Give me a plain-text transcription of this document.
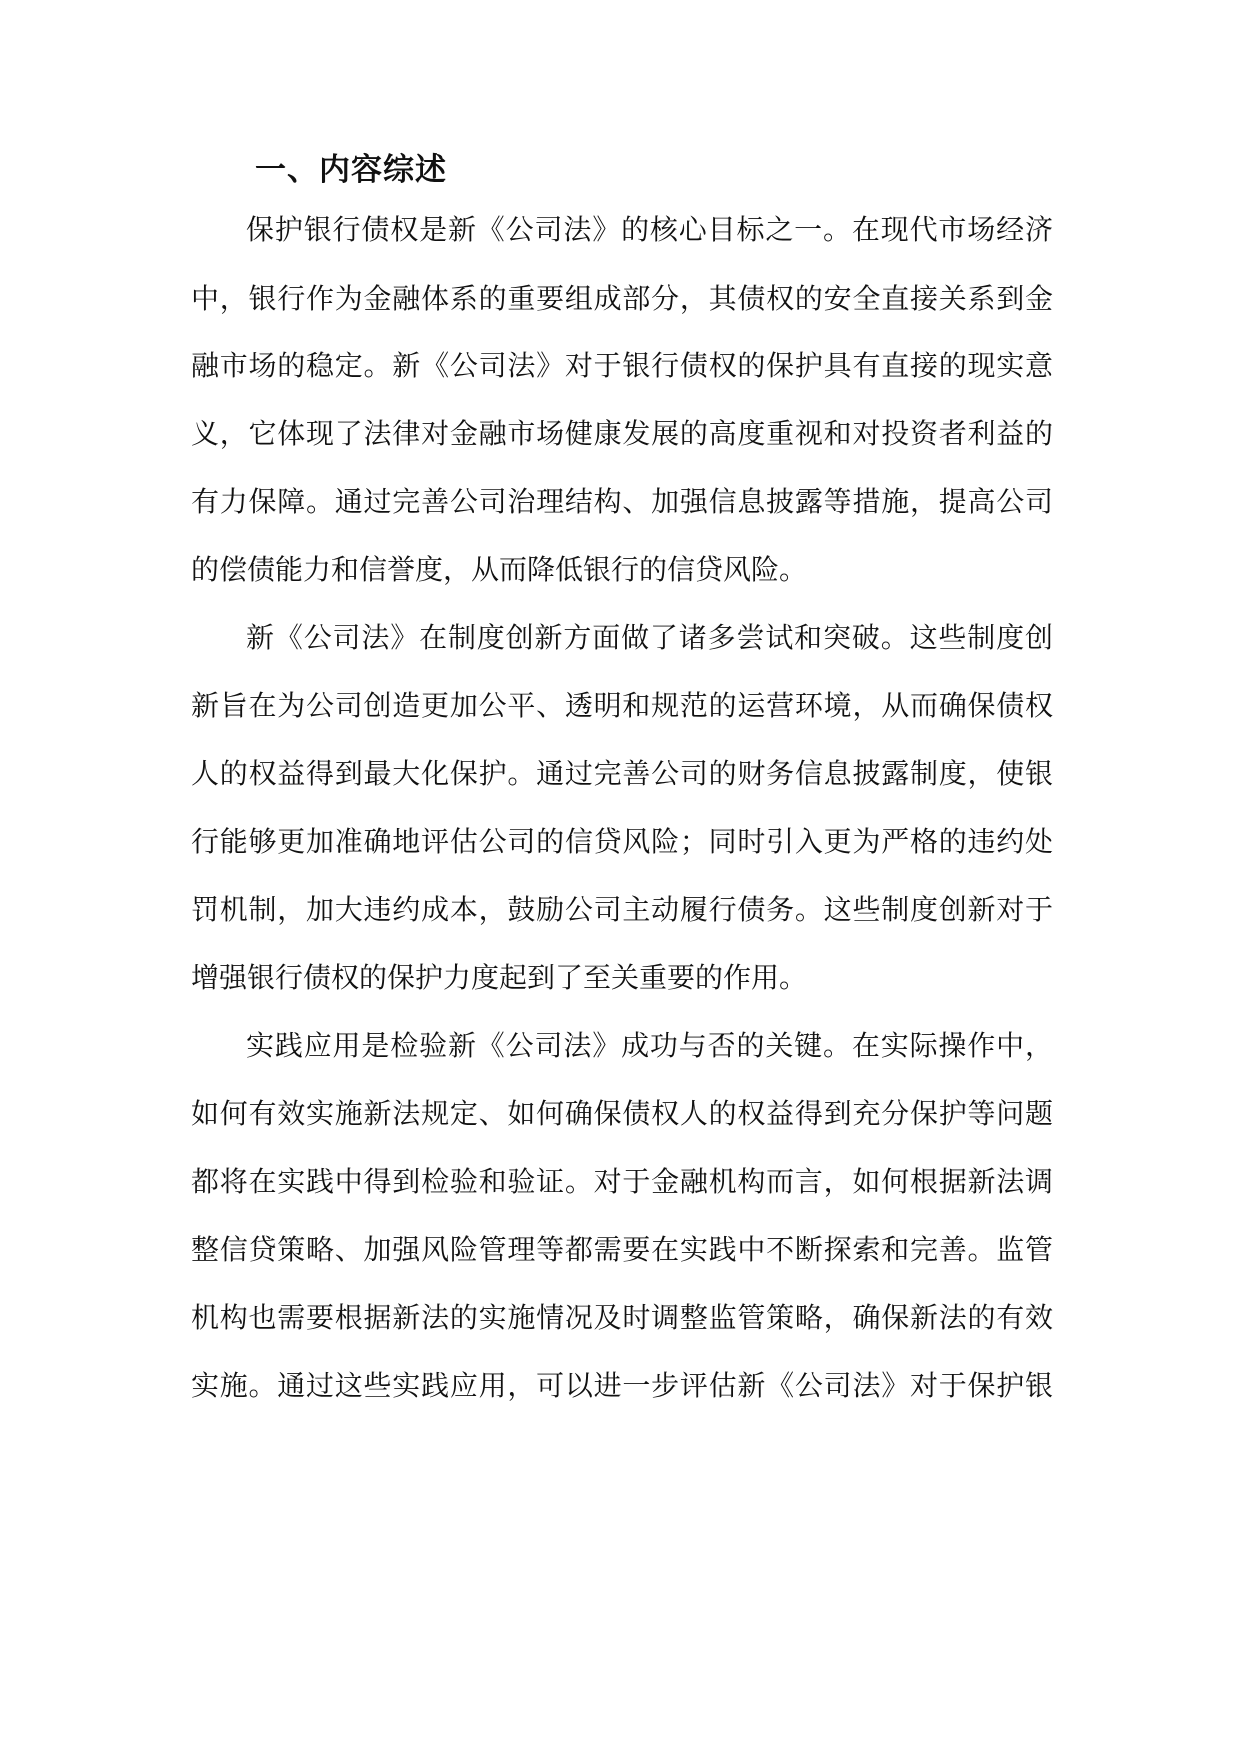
一、内容综述
保护银行债权是新《公司法》的核心目标之一。在现代市场经济
中，银行作为金融体系的重要组成部分，其债权的安全直接关系到金
融市场的稳定。新《公司法》对于银行债权的保护具有直接的现实意
义，它体现了法律对金融市场健康发展的高度重视和对投资者利益的
有力保障。通过完善公司治理结构、加强信息披露等措施，提高公司
的偿债能力和信誉度，从而降低银行的信贷风险。
新《公司法》在制度创新方面做了诸多尝试和突破。这些制度创
新旨在为公司创造更加公平、透明和规范的运营环境，从而确保债权
人的权益得到最大化保护。通过完善公司的财务信息披露制度，使银
行能够更加准确地评估公司的信贷风险；同时引入更为严格的违约处
罚机制，加大违约成本，鼓励公司主动履行债务。这些制度创新对于
增强银行债权的保护力度起到了至关重要的作用。
实践应用是检验新《公司法》成功与否的关键。在实际操作中，
如何有效实施新法规定、如何确保债权人的权益得到充分保护等问题
都将在实践中得到检验和验证。对于金融机构而言，如何根据新法调
整信贷策略、加强风险管理等都需要在实践中不断探索和完善。监管
机构也需要根据新法的实施情况及时调整监管策略，确保新法的有效
实施。通过这些实践应用，可以进一步评估新《公司法》对于保护银
